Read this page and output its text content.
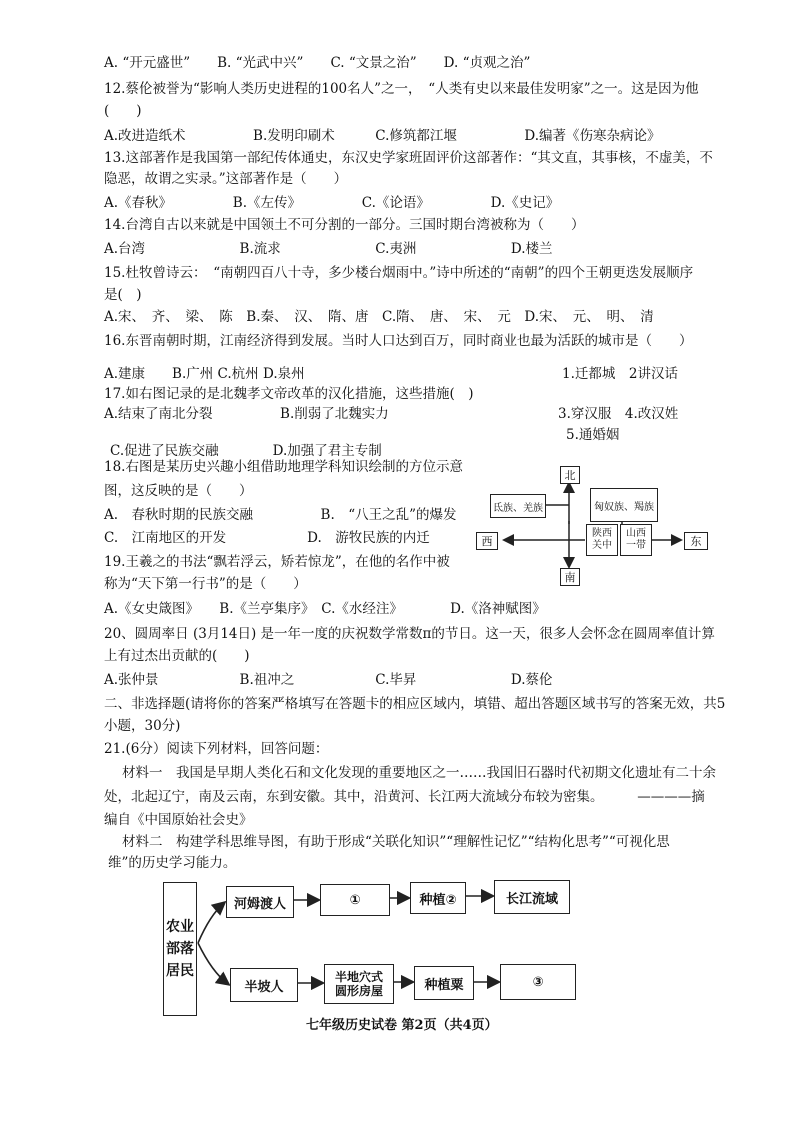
A. “开元盛世”　　B. “光武中兴”　　C. “文景之治”　　D. “贞观之治”
12.蔡伦被誉为“影响人类历史进程的100名人”之一，　“人类有史以来最佳发明家”之一。这是因为他
(　　)
A.改进造纸术　　　　　B.发明印刷术　　　C.修筑都江堰　　　　　D.编著《伤寒杂病论》
13.这部著作是我国第一部纪传体通史，东汉史学家班固评价这部著作：“其文直，其事核，不虚美，不
隐恶，故谓之实录。”这部著作是（　　）
A.《春秋》　　　　　B.《左传》　　　　　C.《论语》　　　　　D.《史记》
14.台湾自古以来就是中国领土不可分割的一部分。三国时期台湾被称为（　　）
A.台湾　　　　　　　B.流求　　　　　　　C.夷洲　　　　　　　D.楼兰
15.杜牧曾诗云：　“南朝四百八十寺，多少楼台烟雨中。”诗中所述的“南朝”的四个王朝更迭发展顺序
是(　)
A.宋、　齐、　梁、　陈　B.秦、　汉、　隋、唐　C.隋、　唐、　宋、　元　D.宋、　元、　明、　清
16.东晋南朝时期，江南经济得到发展。当时人口达到百万，同时商业也最为活跃的城市是（　　）
A.建康　　B.广州 C.杭州 D.泉州
17.如右图记录的是北魏孝文帝改革的汉化措施，这些措施(　)
A.结束了南北分裂　　　　　B.削弱了北魏实力
C.促进了民族交融　　　　D.加强了君主专制
18.右图是某历史兴趣小组借助地理学科知识绘制的方位示意
图，这反映的是（　　）
A.　春秋时期的民族交融　　　　　B.　“八王之乱”的爆发
C.　江南地区的开发　　　　　　D.　游牧民族的内迁
19.王羲之的书法“飘若浮云，矫若惊龙”，在他的名作中被
称为“天下第一行书”的是（　　）
A.《女史箴图》　　B.《兰亭集序》　C.《水经注》　　　　D.《洛神赋图》
20、圆周率日 (3月14日) 是一年一度的庆祝数学常数π的节日。这一天，很多人会怀念在圆周率值计算
上有过杰出贡献的(　　)
A.张仲景　　　　　　B.祖冲之　　　　　　C.毕昇　　　　　　　D.蔡伦
二、非选择题(请将你的答案严格填写在答题卡的相应区域内，填错、超出答题区域书写的答案无效，共5
小题，30分)
21.(6分）阅读下列材料，回答问题：
材料一　我国是早期人类化石和文化发现的重要地区之一……我国旧石器时代初期文化遗址有二十余
处，北起辽宁，南及云南，东到安徽。其中，沿黄河、长江两大流域分布较为密集。　　　————摘
编自《中国原始社会史》
材料二　构建学科思维导图，有助于形成“关联化知识”“理解性记忆”“结构化思考”“可视化思
维”的历史学习能力。
1.迁都城　2讲汉话
3.穿汉服　4.改汉姓
5.通婚姻
北
南
西	东
氐族、羌族	匈奴族、羯族
陕西
关中
山西
一带
农业部落居民
河姆渡人	①	种植②	长江流域
半坡人
半地穴式
圆形房屋	种植粟	③
七年级历史试卷 第2页（共4页）
